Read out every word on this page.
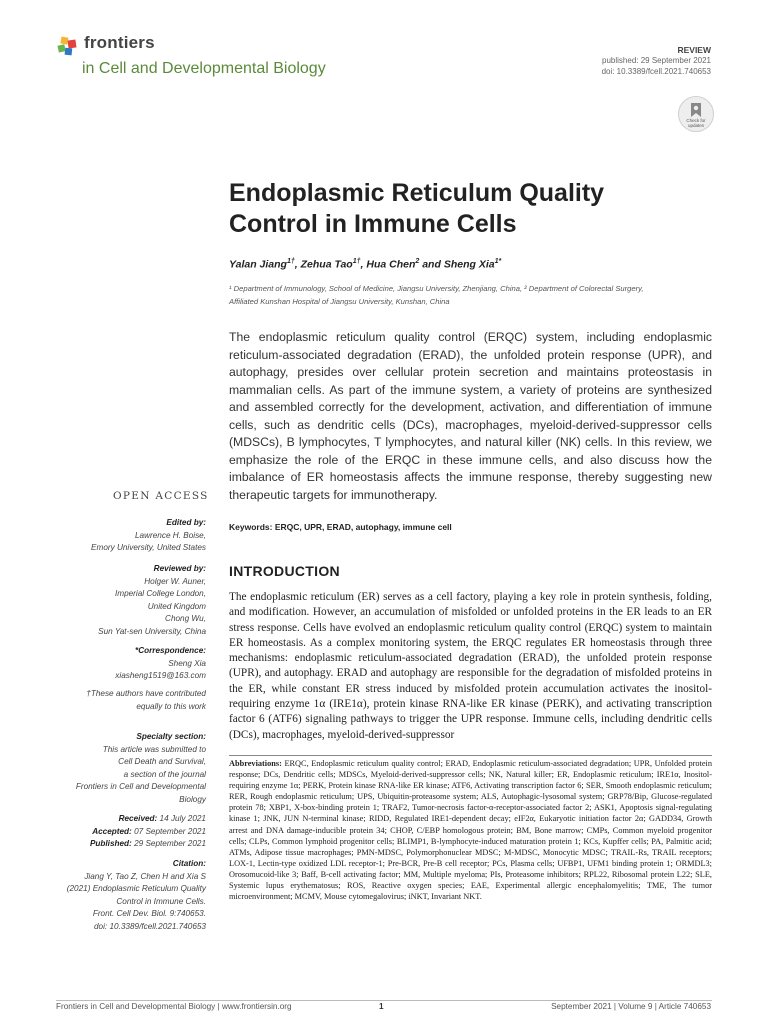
frontiers
in Cell and Developmental Biology
REVIEW
published: 29 September 2021
doi: 10.3389/fcell.2021.740653
Check for updates
Endoplasmic Reticulum Quality
Control in Immune Cells
Yalan Jiang$^{1\dagger}$, Zehua Tao$^{1\dagger}$, Hua Chen$^2$ and Sheng Xia$^{1*}$
¹ Department of Immunology, School of Medicine, Jiangsu University, Zhenjiang, China, ² Department of Colorectal Surgery,
Affiliated Kunshan Hospital of Jiangsu University, Kunshan, China
The endoplasmic reticulum quality control (ERQC) system, including endoplasmic reticulum-associated degradation (ERAD), the unfolded protein response (UPR), and autophagy, presides over cellular protein secretion and maintains proteostasis in mammalian cells. As part of the immune system, a variety of proteins are synthesized and assembled correctly for the development, activation, and differentiation of immune cells, such as dendritic cells (DCs), macrophages, myeloid-derived-suppressor cells (MDSCs), B lymphocytes, T lymphocytes, and natural killer (NK) cells. In this review, we emphasize the role of the ERQC in these immune cells, and also discuss how the imbalance of ER homeostasis affects the immune response, thereby suggesting new therapeutic targets for immunotherapy.
Keywords: ERQC, UPR, ERAD, autophagy, immune cell
OPEN ACCESS
Edited by:
Lawrence H. Boise,
Emory University, United States
Reviewed by:
Holger W. Auner,
Imperial College London,
United Kingdom
Chong Wu,
Sun Yat-sen University, China
*Correspondence:
Sheng Xia
xiasheng1519@163.com
†These authors have contributed
equally to this work
Specialty section:
This article was submitted to
Cell Death and Survival,
a section of the journal
Frontiers in Cell and Developmental
Biology
Received: 14 July 2021
Accepted: 07 September 2021
Published: 29 September 2021
Citation:
Jiang Y, Tao Z, Chen H and Xia S
(2021) Endoplasmic Reticulum Quality
Control in Immune Cells.
Front. Cell Dev. Biol. 9:740653.
doi: 10.3389/fcell.2021.740653
INTRODUCTION
The endoplasmic reticulum (ER) serves as a cell factory, playing a key role in protein synthesis, folding, and modification. However, an accumulation of misfolded or unfolded proteins in the ER leads to an ER stress response. Cells have evolved an endoplasmic reticulum quality control (ERQC) system to maintain ER homeostasis. As a complex monitoring system, the ERQC regulates ER homeostasis through three mechanisms: endoplasmic reticulum-associated degradation (ERAD), the unfolded protein response (UPR), and autophagy. ERAD and autophagy are responsible for the degradation of misfolded proteins in the ER, while constant ER stress induced by misfolded protein accumulation activates the inositol-requiring enzyme 1α (IRE1α), protein kinase RNA-like ER kinase (PERK), and activating transcription factor 6 (ATF6) signaling pathways to trigger the UPR response. Immune cells, including dendritic cells (DCs), macrophages, myeloid-derived-suppressor
Abbreviations: ERQC, Endoplasmic reticulum quality control; ERAD, Endoplasmic reticulum-associated degradation; UPR, Unfolded protein response; DCs, Dendritic cells; MDSCs, Myeloid-derived-suppressor cells; NK, Natural killer; ER, Endoplasmic reticulum; IRE1α, Inositol-requiring enzyme 1α; PERK, Protein kinase RNA-like ER kinase; ATF6, Activating transcription factor 6; SER, Smooth endoplasmic reticulum; RER, Rough endoplasmic reticulum; UPS, Ubiquitin-proteasome system; ALS, Autophagic-lysosomal system; GRP78/Bip, Glucose-regulated protein 78; XBP1, X-box-binding protein 1; TRAF2, Tumor-necrosis factor-α-receptor-associated factor 2; ASK1, Apoptosis signal-regulating kinase 1; JNK, JUN N-terminal kinase; RIDD, Regulated IRE1-dependent decay; eIF2α, Eukaryotic initiation factor 2α; GADD34, Growth arrest and DNA damage-inducible protein 34; CHOP, C/EBP homologous protein; BM, Bone marrow; CMPs, Common myeloid progenitor cells; CLPs, Common lymphoid progenitor cells; BLIMP1, B-lymphocyte-induced maturation protein 1; KCs, Kupffer cells; PA, Palmitic acid; ATMs, Adipose tissue macrophages; PMN-MDSC, Polymorphonuclear MDSC; M-MDSC, Monocytic MDSC; TRAIL-Rs, TRAIL receptors; LOX-1, Lectin-type oxidized LDL receptor-1; Pre-BCR, Pre-B cell receptor; PCs, Plasma cells; UFBP1, UFM1 binding protein 1; ORMDL3; Orosomucoid-like 3; Baff, B-cell activating factor; MM, Multiple myeloma; PIs, Proteasome inhibitors; RPL22, Ribosomal protein L22; SLE, Systemic lupus erythematosus; ROS, Reactive oxygen species; EAE, Experimental allergic encephalomyelitis; TME, The tumor microenvironment; MCMV, Mouse cytomegalovirus; iNKT, Invariant NKT.
Frontiers in Cell and Developmental Biology | www.frontiersin.org	1	September 2021 | Volume 9 | Article 740653
